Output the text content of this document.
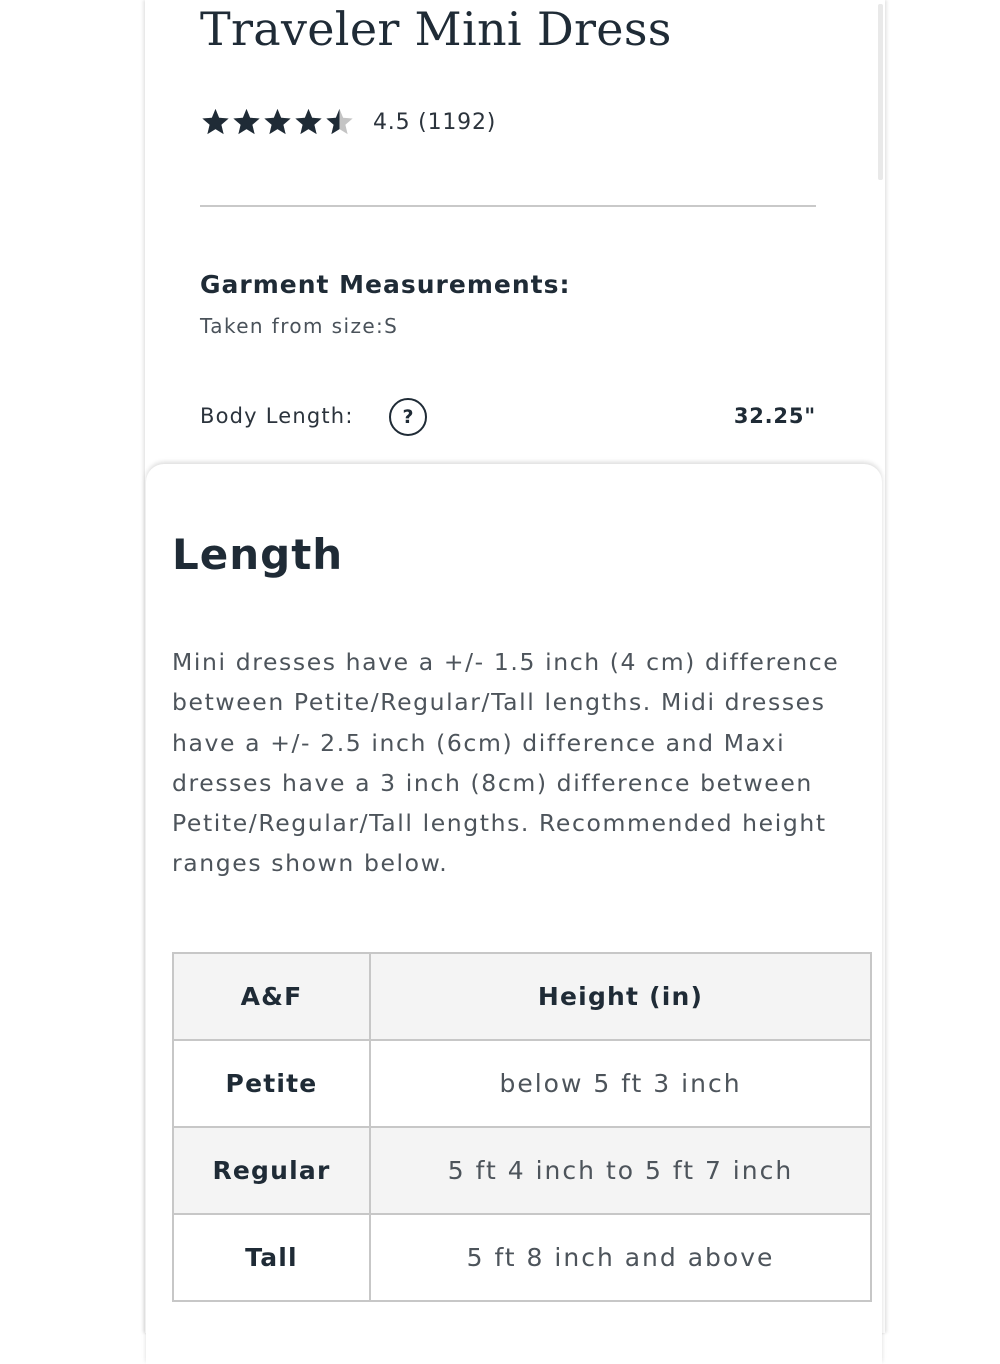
Traveler Mini Dress
4.5 (1192)
Garment Measurements:
Taken from size:S
Body Length:	?	32.25"
Length

Mini dresses have a +/- 1.5 inch (4 cm) difference between Petite/Regular/Tall lengths. Midi dresses have a +/- 2.5 inch (6cm) difference and Maxi dresses have a 3 inch (8cm) difference between Petite/Regular/Tall lengths. Recommended height ranges shown below.

A&F	Height (in)
Petite	below 5 ft 3 inch
Regular	5 ft 4 inch to 5 ft 7 inch
Tall	5 ft 8 inch and above
